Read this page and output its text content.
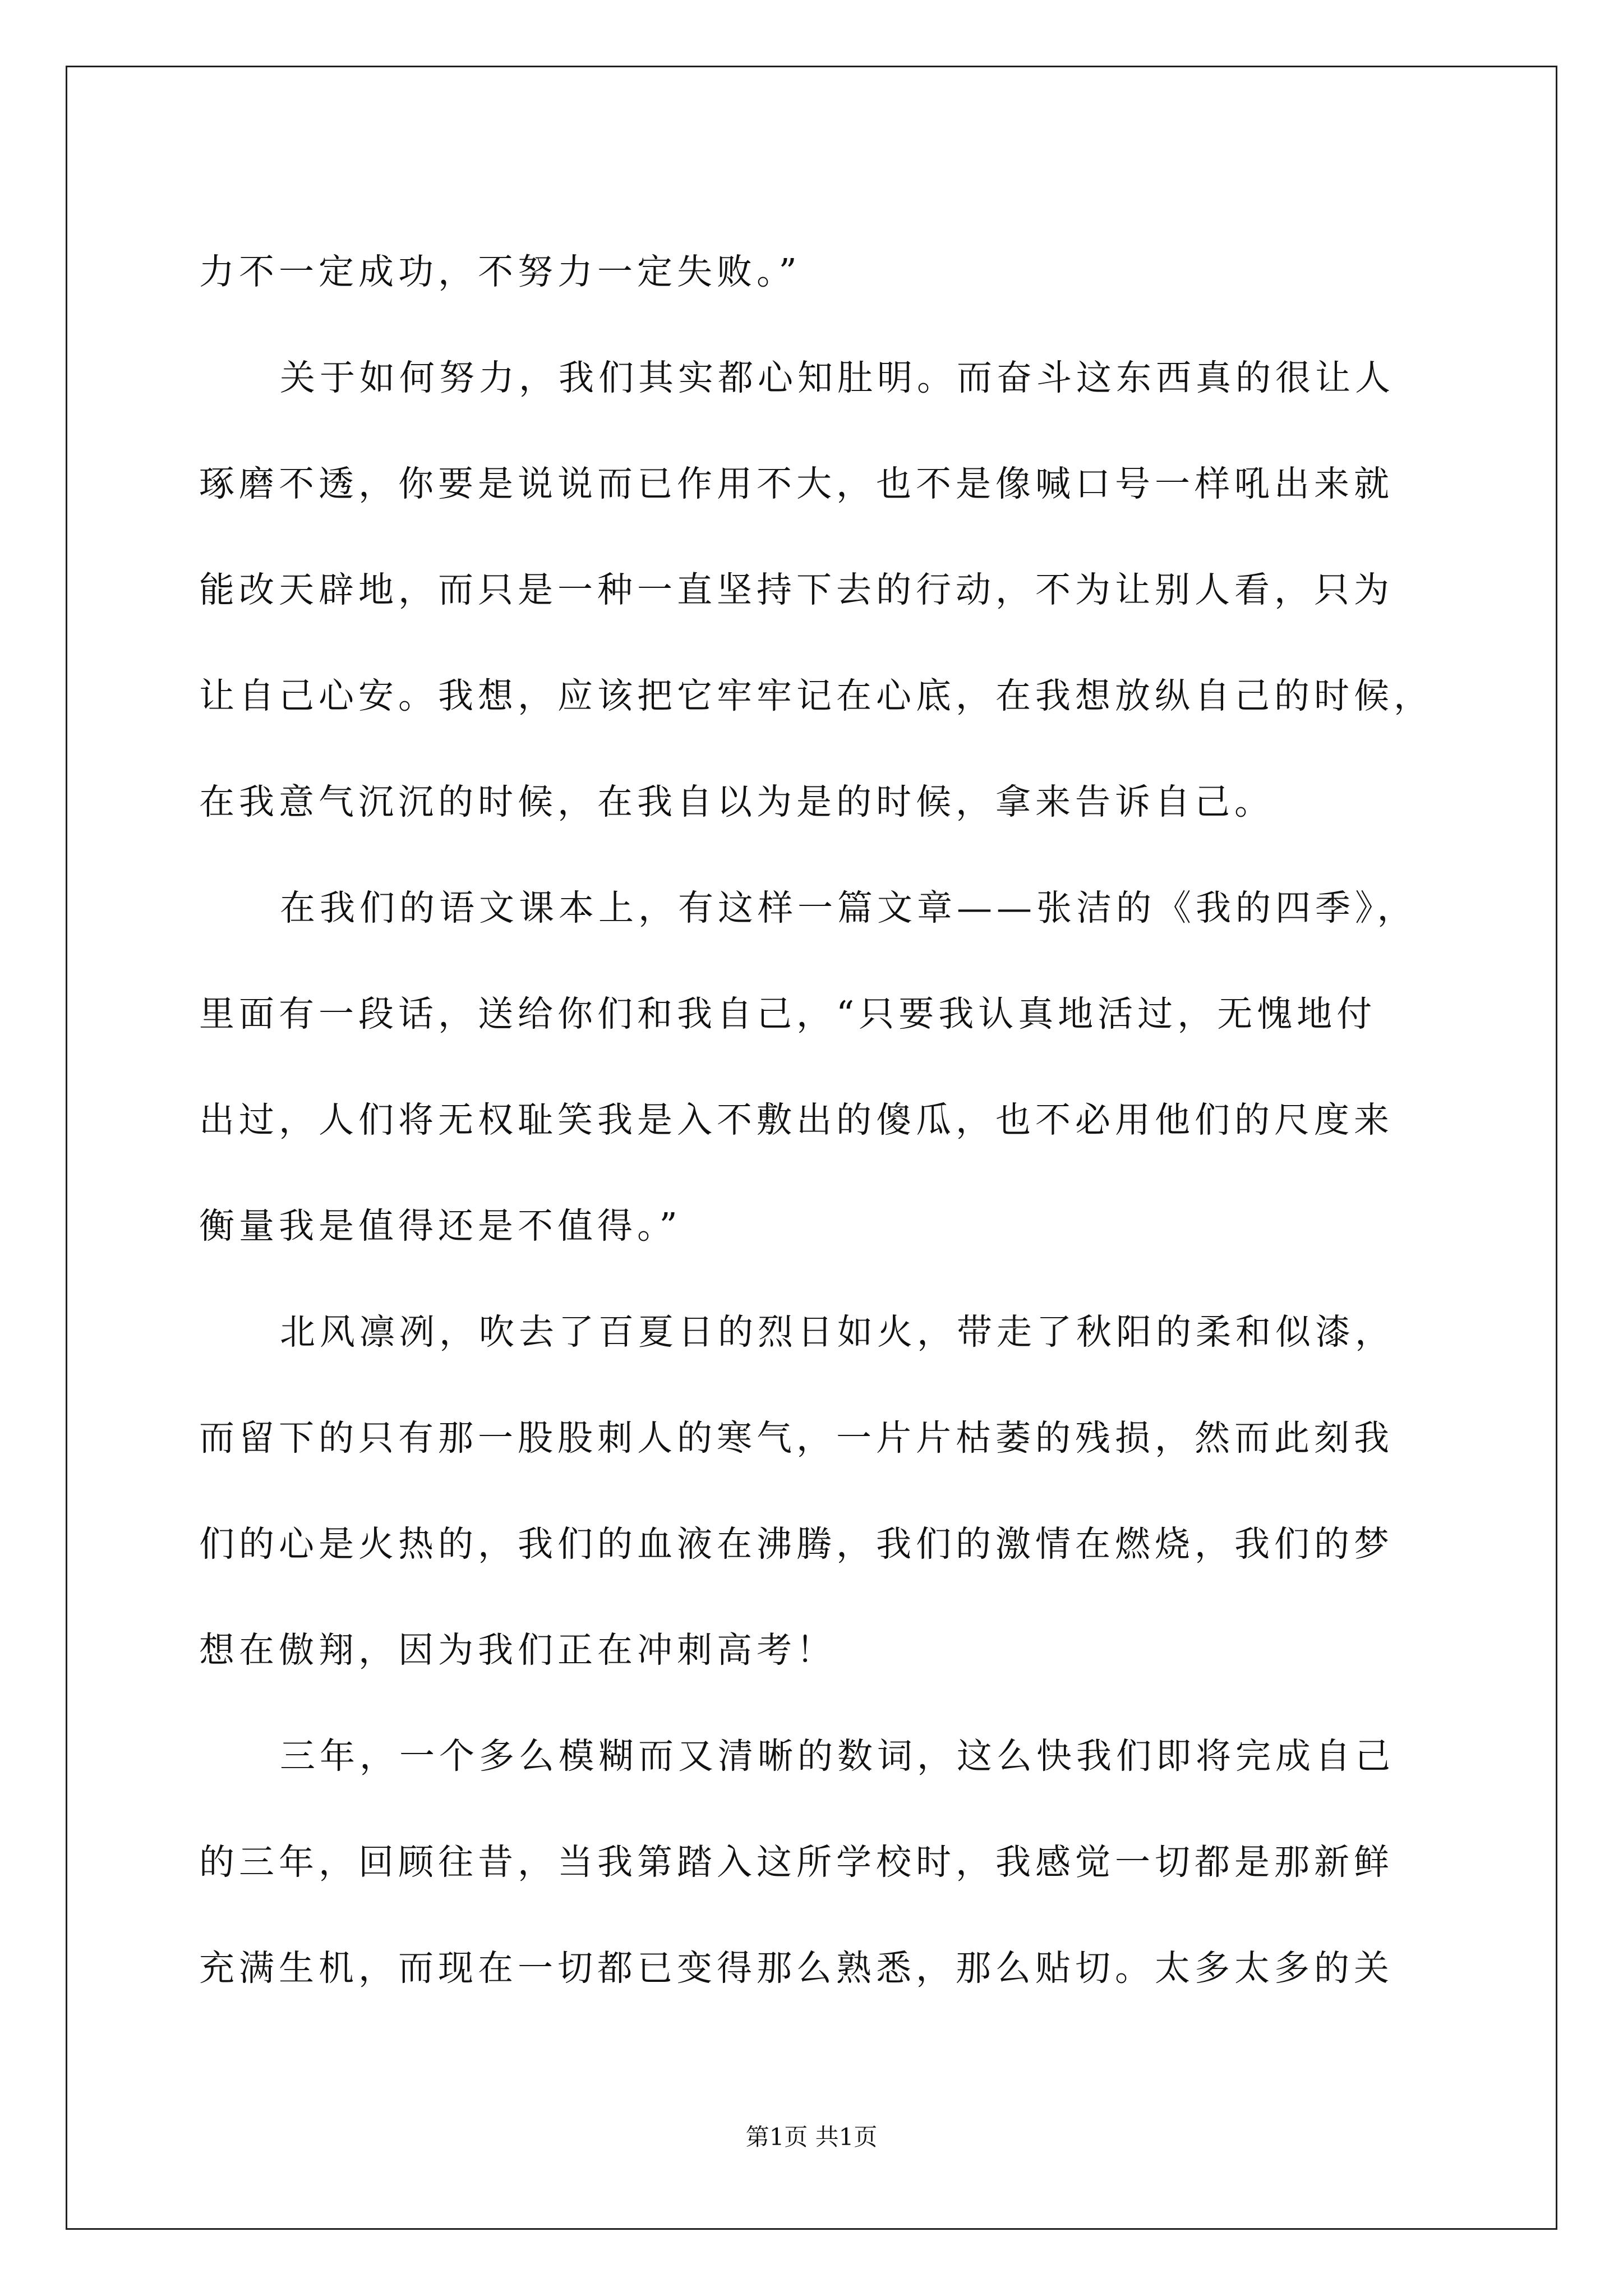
力不一定成功，不努力一定失败。”
关于如何努力，我们其实都心知肚明。而奋斗这东西真的很让人
琢磨不透，你要是说说而已作用不大，也不是像喊口号一样吼出来就
能改天辟地，而只是一种一直坚持下去的行动，不为让别人看，只为
让自己心安。我想，应该把它牢牢记在心底，在我想放纵自己的时候，
在我意气沉沉的时候，在我自以为是的时候，拿来告诉自己。
在我们的语文课本上，有这样一篇文章——张洁的《我的四季》，
里面有一段话，送给你们和我自己，“只要我认真地活过，无愧地付
出过，人们将无权耻笑我是入不敷出的傻瓜，也不必用他们的尺度来
衡量我是值得还是不值得。”
北风凛冽，吹去了百夏日的烈日如火，带走了秋阳的柔和似漆，
而留下的只有那一股股刺人的寒气，一片片枯萎的残损，然而此刻我
们的心是火热的，我们的血液在沸腾，我们的激情在燃烧，我们的梦
想在傲翔，因为我们正在冲刺高考！
三年，一个多么模糊而又清晰的数词，这么快我们即将完成自己
的三年，回顾往昔，当我第踏入这所学校时，我感觉一切都是那新鲜
充满生机，而现在一切都已变得那么熟悉，那么贴切。太多太多的关
第1页 共1页
